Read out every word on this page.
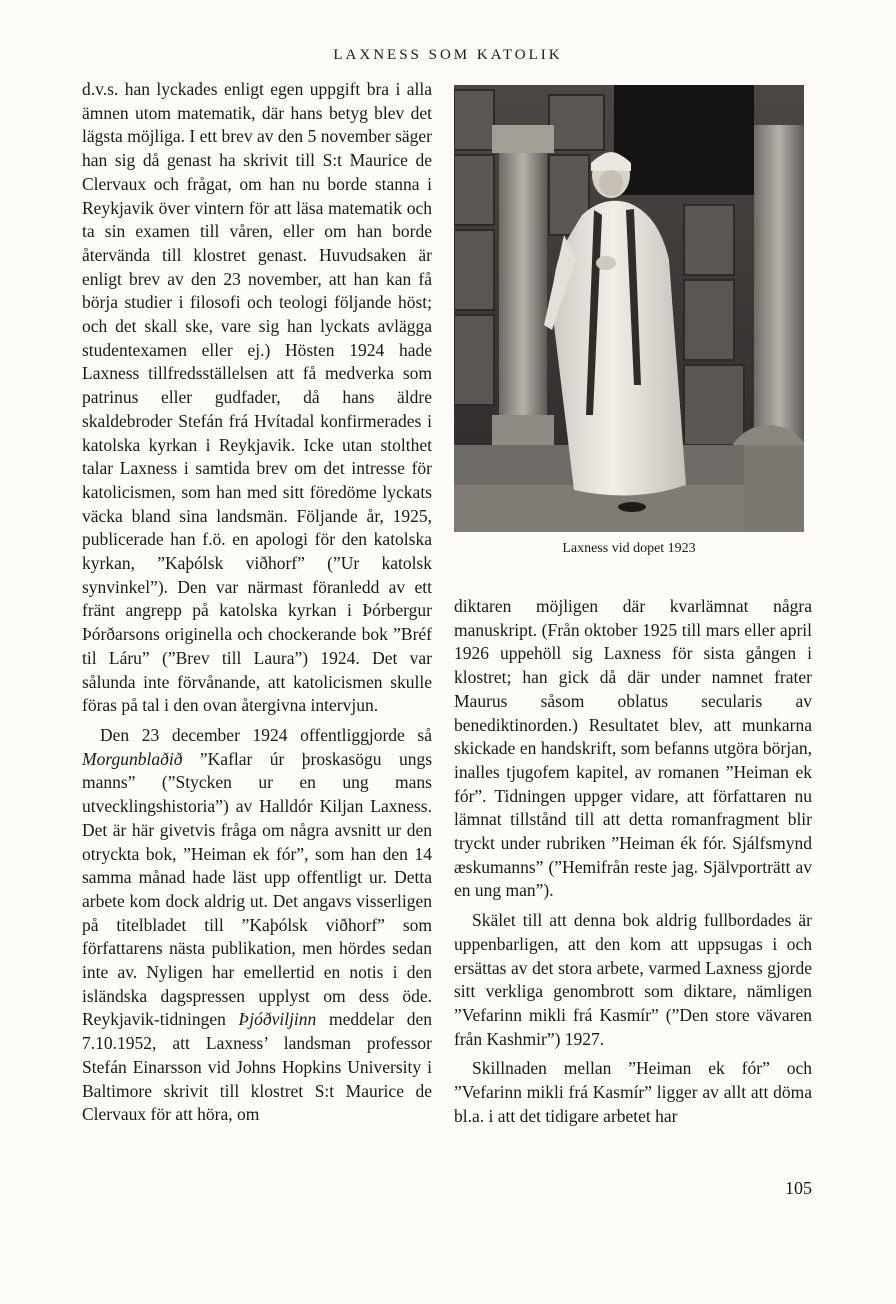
LAXNESS SOM KATOLIK

d.v.s. han lyckades enligt egen uppgift bra i alla ämnen utom matematik, där hans betyg blev det lägsta möjliga. I ett brev av den 5 november säger han sig då genast ha skrivit till S:t Maurice de Clervaux och frågat, om han nu borde stanna i Reykjavik över vintern för att läsa matematik och ta sin examen till våren, eller om han borde återvända till klostret genast. Huvudsaken är enligt brev av den 23 november, att han kan få börja studier i filosofi och teologi följande höst; och det skall ske, vare sig han lyckats avlägga studentexamen eller ej.) Hösten 1924 hade Laxness tillfredsställelsen att få medverka som patrinus eller gudfader, då hans äldre skaldebroder Stefán frá Hvítadal konfirmerades i katolska kyrkan i Reykjavik. Icke utan stolthet talar Laxness i samtida brev om det intresse för katolicismen, som han med sitt föredöme lyckats väcka bland sina landsmän. Följande år, 1925, publicerade han f.ö. en apologi för den katolska kyrkan, ”Kaþólsk viðhorf” (”Ur katolsk synvinkel”). Den var närmast föranledd av ett fränt angrepp på katolska kyrkan i Þórbergur Þórðarsons originella och chockerande bok ”Bréf til Láru” (”Brev till Laura”) 1924. Det var sålunda inte förvånande, att katolicismen skulle föras på tal i den ovan återgivna intervjun.

Den 23 december 1924 offentliggjorde så Morgunblaðið ”Kaflar úr þroskasögu ungs manns” (”Stycken ur en ung mans utvecklingshistoria”) av Halldór Kiljan Laxness. Det är här givetvis fråga om några avsnitt ur den otryckta bok, ”Heiman ek fór”, som han den 14 samma månad hade läst upp offentligt ur. Detta arbete kom dock aldrig ut. Det angavs visserligen på titelbladet till ”Kaþólsk viðhorf” som författarens nästa publikation, men hördes sedan inte av. Nyligen har emellertid en notis i den isländska dagspressen upplyst om dess öde. Reykjavik-tidningen Þjóðviljinn meddelar den 7.10.1952, att Laxness’ landsman professor Stefán Einarsson vid Johns Hopkins University i Baltimore skrivit till klostret S:t Maurice de Clervaux för att höra, om

Laxness vid dopet 1923

diktaren möjligen där kvarlämnat några manuskript. (Från oktober 1925 till mars eller april 1926 uppehöll sig Laxness för sista gången i klostret; han gick då där under namnet frater Maurus såsom oblatus secularis av benediktinorden.) Resultatet blev, att munkarna skickade en handskrift, som befanns utgöra början, inalles tjugofem kapitel, av romanen ”Heiman ek fór”. Tidningen uppger vidare, att författaren nu lämnat tillstånd till att detta romanfragment blir tryckt under rubriken ”Heiman ék fór. Sjálfsmynd æskumanns” (”Hemifrån reste jag. Självporträtt av en ung man”).

Skälet till att denna bok aldrig fullbordades är uppenbarligen, att den kom att uppsugas i och ersättas av det stora arbete, varmed Laxness gjorde sitt verkliga genombrott som diktare, nämligen ”Vefarinn mikli frá Kasmír” (”Den store vävaren från Kashmir”) 1927.

Skillnaden mellan ”Heiman ek fór” och ”Vefarinn mikli frá Kasmír” ligger av allt att döma bl.a. i att det tidigare arbetet har

105
